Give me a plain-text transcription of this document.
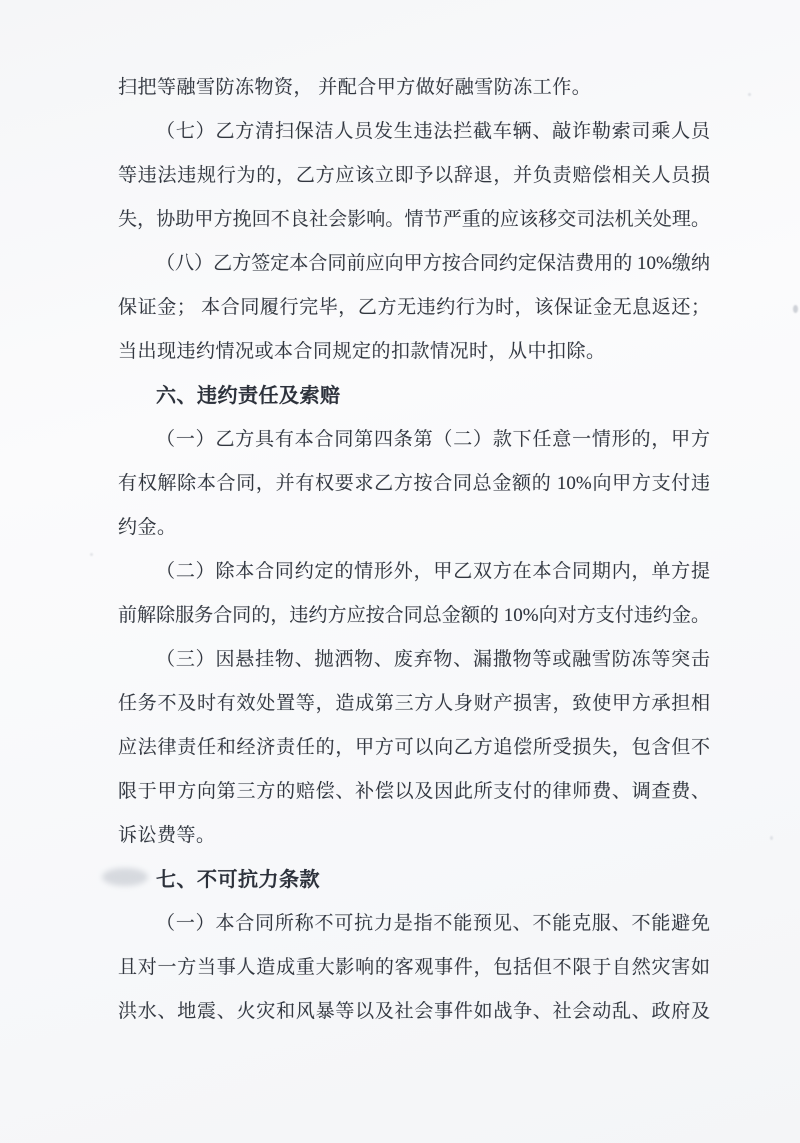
扫把等融雪防冻物资， 并配合甲方做好融雪防冻工作。
（七）乙方清扫保洁人员发生违法拦截车辆、敲诈勒索司乘人员
等违法违规行为的，乙方应该立即予以辞退，并负责赔偿相关人员损
失，协助甲方挽回不良社会影响。情节严重的应该移交司法机关处理。
（八）乙方签定本合同前应向甲方按合同约定保洁费用的 10%缴纳
保证金； 本合同履行完毕，乙方无违约行为时，该保证金无息返还；
当出现违约情况或本合同规定的扣款情况时，从中扣除。
六、违约责任及索赔
（一）乙方具有本合同第四条第（二）款下任意一情形的，甲方
有权解除本合同，并有权要求乙方按合同总金额的 10%向甲方支付违
约金。
（二）除本合同约定的情形外，甲乙双方在本合同期内，单方提
前解除服务合同的，违约方应按合同总金额的 10%向对方支付违约金。
（三）因悬挂物、抛洒物、废弃物、漏撒物等或融雪防冻等突击
任务不及时有效处置等，造成第三方人身财产损害，致使甲方承担相
应法律责任和经济责任的，甲方可以向乙方追偿所受损失，包含但不
限于甲方向第三方的赔偿、补偿以及因此所支付的律师费、调查费、
诉讼费等。
七、不可抗力条款
（一）本合同所称不可抗力是指不能预见、不能克服、不能避免
且对一方当事人造成重大影响的客观事件，包括但不限于自然灾害如
洪水、地震、火灾和风暴等以及社会事件如战争、社会动乱、政府及
